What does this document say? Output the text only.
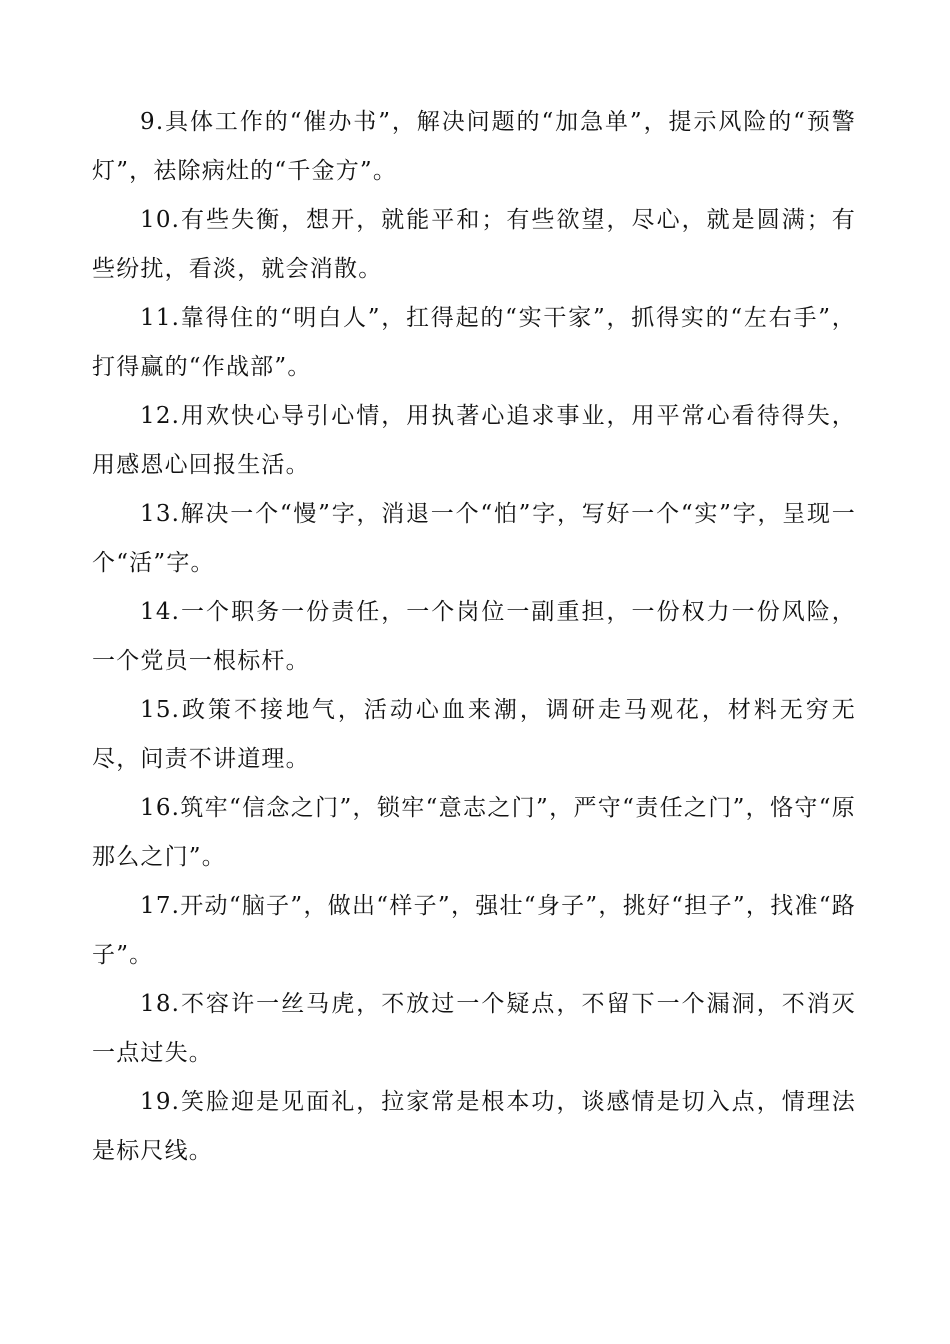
9.具体工作的“催办书”，解决问题的“加急单”，提示风险的“预警灯”，祛除病灶的“千金方”。

10.有些失衡，想开，就能平和；有些欲望，尽心，就是圆满；有些纷扰，看淡，就会消散。

11.靠得住的“明白人”，扛得起的“实干家”，抓得实的“左右手”，打得赢的“作战部”。

12.用欢快心导引心情，用执著心追求事业，用平常心看待得失，用感恩心回报生活。

13.解决一个“慢”字，消退一个“怕”字，写好一个“实”字，呈现一个“活”字。

14.一个职务一份责任，一个岗位一副重担，一份权力一份风险，一个党员一根标杆。

15.政策不接地气，活动心血来潮，调研走马观花，材料无穷无尽，问责不讲道理。

16.筑牢“信念之门”，锁牢“意志之门”，严守“责任之门”，恪守“原那么之门”。

17.开动“脑子”，做出“样子”，强壮“身子”，挑好“担子”，找准“路子”。

18.不容许一丝马虎，不放过一个疑点，不留下一个漏洞，不消灭一点过失。

19.笑脸迎是见面礼，拉家常是根本功，谈感情是切入点，情理法是标尺线。
